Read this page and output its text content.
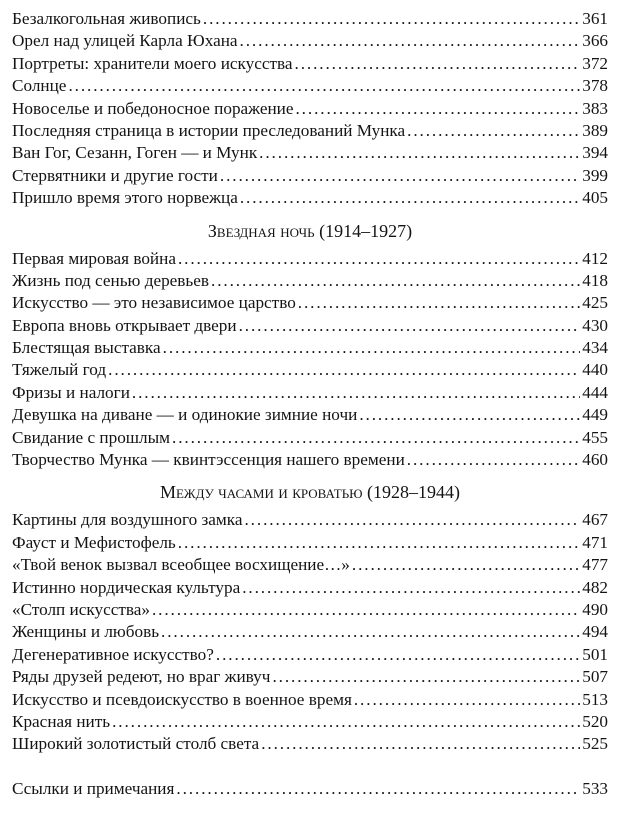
Безалкогольная живопись . . .	361
Орел над улицей Карла Юхана . . .	366
Портреты: хранители моего искусства . . .	372
Солнце . . .	378
Новоселье и победоносное поражение . . .	383
Последняя страница в истории преследований Мунка . . .	389
Ван Гог, Сезанн, Гоген — и Мунк . . .	394
Стервятники и другие гости . . .	399
Пришло время этого норвежца . . .	405
Звездная ночь (1914–1927)
Первая мировая война . . .	412
Жизнь под сенью деревьев . . .	418
Искусство — это независимое царство . . .	425
Европа вновь открывает двери . . .	430
Блестящая выставка . . .	434
Тяжелый год . . .	440
Фризы и налоги . . .	444
Девушка на диване — и одинокие зимние ночи . . .	449
Свидание с прошлым . . .	455
Творчество Мунка — квинтэссенция нашего времени . . .	460
Между часами и кроватью (1928–1944)
Картины для воздушного замка . . .	467
Фауст и Мефистофель . . .	471
«Твой венок вызвал всеобщее восхищение…» . . .	477
Истинно нордическая культура . . .	482
«Столп искусства» . . .	490
Женщины и любовь . . .	494
Дегенеративное искусство? . . .	501
Ряды друзей редеют, но враг живуч . . .	507
Искусство и псевдоискусство в военное время . . .	513
Красная нить . . .	520
Широкий золотистый столб света . . .	525
Ссылки и примечания . . .	533
